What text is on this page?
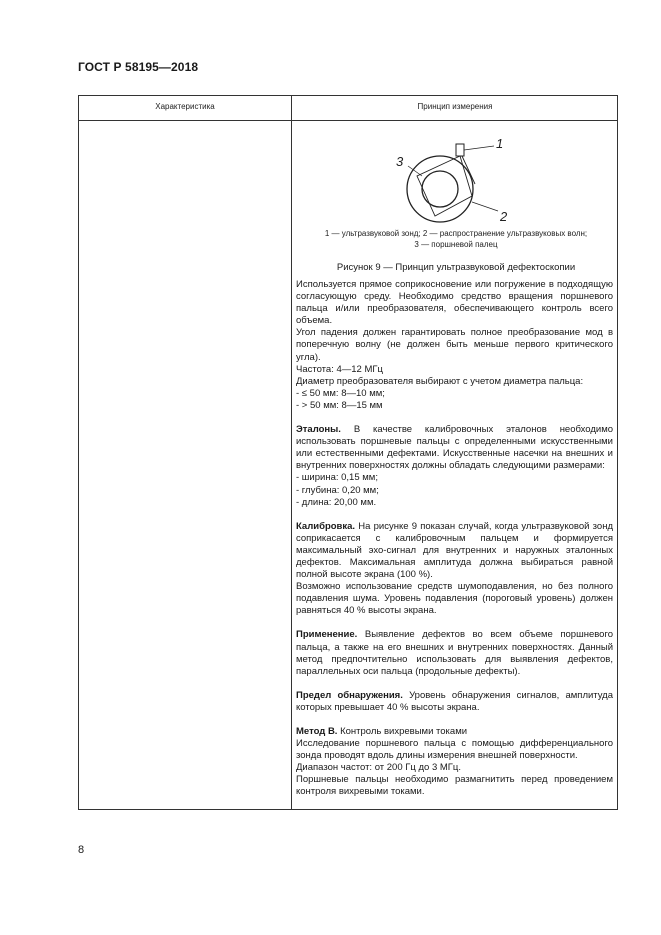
ГОСТ Р 58195—2018
Характеристика	Принцип измерения
1
2
3
1 — ультразвуковой зонд; 2 — распространение ультразвуковых волн;
3 — поршневой палец
Рисунок 9 — Принцип ультразвуковой дефектоскопии

Используется прямое соприкосновение или погружение в подходящую согласующую среду. Необходимо средство вращения поршневого пальца и/или преобразователя, обеспечивающего контроль всего объема.

Угол падения должен гарантировать полное преобразование мод в поперечную волну (не должен быть меньше первого критического угла).

Частота: 4—12 МГц

Диаметр преобразователя выбирают с учетом диаметра пальца:

- ≤ 50 мм: 8—10 мм;

- > 50 мм: 8—15 мм

Эталоны. В качестве калибровочных эталонов необходимо использовать поршневые пальцы с определенными искусственными или естественными дефектами. Искусственные насечки на внешних и внутренних поверхностях должны обладать следующими размерами:

- ширина: 0,15 мм;

- глубина: 0,20 мм;

- длина: 20,00 мм.

Калибровка. На рисунке 9 показан случай, когда ультразвуковой зонд соприкасается с калибровочным пальцем и формируется максимальный эхо-сигнал для внутренних и наружных эталонных дефектов. Максимальная амплитуда должна выбираться равной полной высоте экрана (100 %).

Возможно использование средств шумоподавления, но без полного подавления шума. Уровень подавления (пороговый уровень) должен равняться 40 % высоты экрана.

Применение. Выявление дефектов во всем объеме поршневого пальца, а также на его внешних и внутренних поверхностях. Данный метод предпочтительно использовать для выявления дефектов, параллельных оси пальца (продольные дефекты).

Предел обнаружения. Уровень обнаружения сигналов, амплитуда которых превышает 40 % высоты экрана.

Метод В. Контроль вихревыми токами

Исследование поршневого пальца с помощью дифференциального зонда проводят вдоль длины измерения внешней поверхности.

Диапазон частот: от 200 Гц до 3 МГц.

Поршневые пальцы необходимо размагнитить перед проведением контроля вихревыми токами.

8
